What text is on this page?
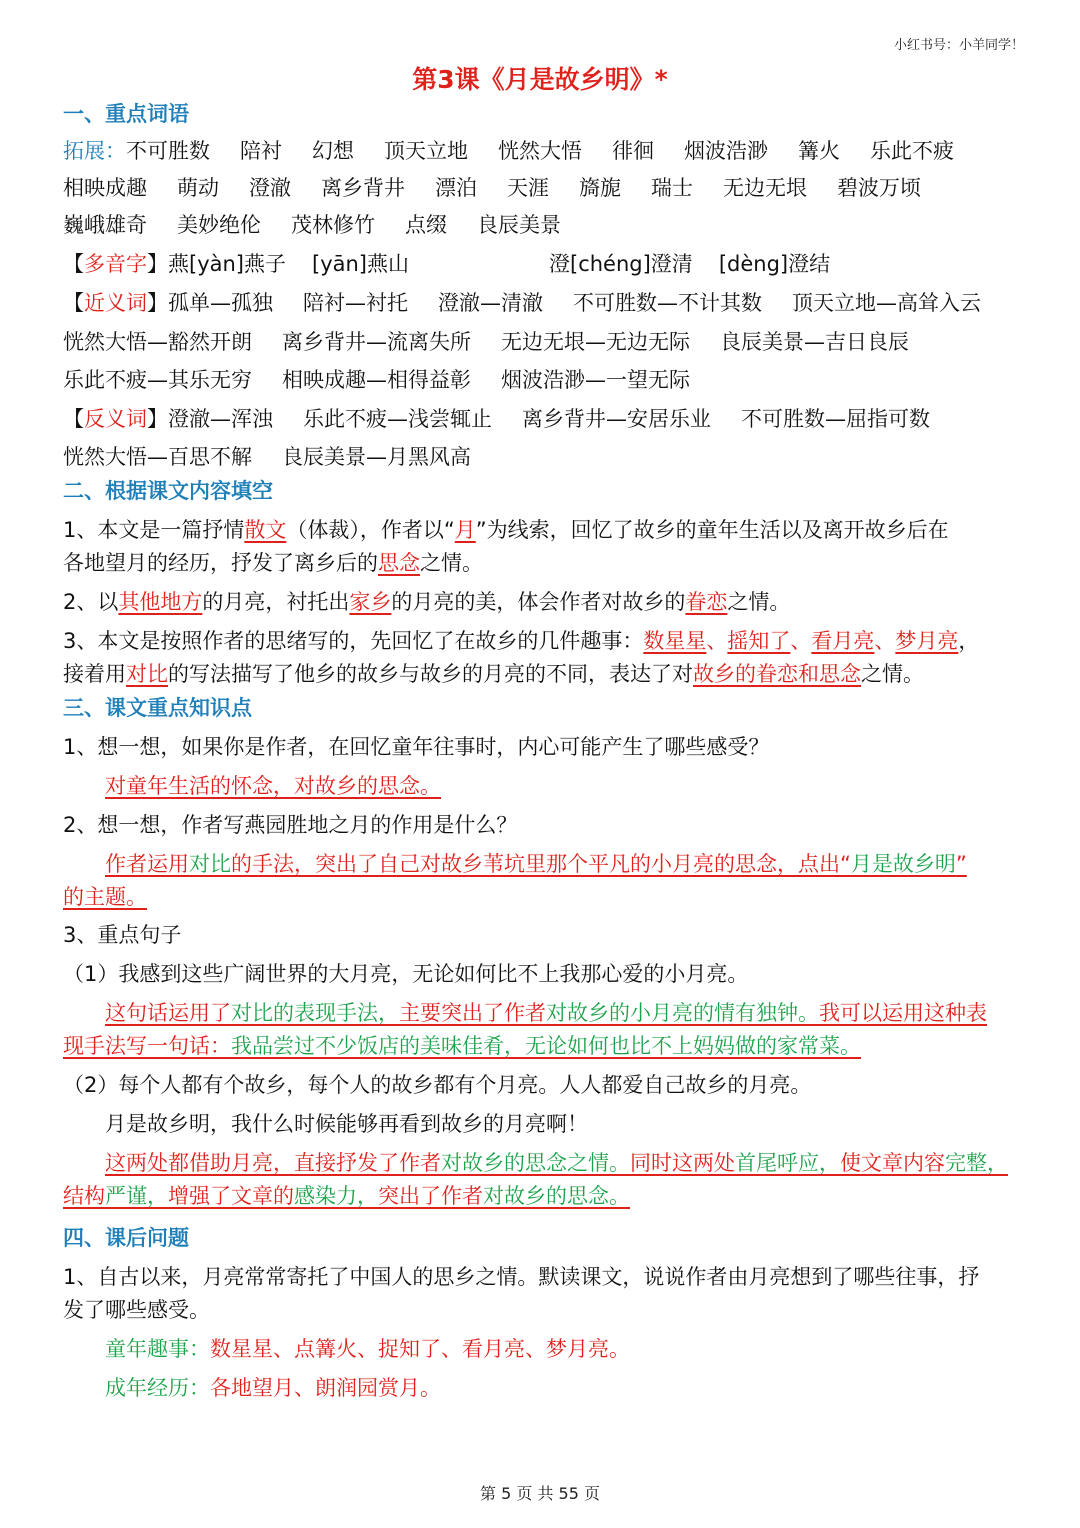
小红书号：小羊同学！
第3课《月是故乡明》*
一、重点词语
拓展：不可胜数 陪衬 幻想 顶天立地 恍然大悟 徘徊 烟波浩渺 篝火 乐此不疲
相映成趣 萌动 澄澈 离乡背井 漂泊 天涯 旖旎 瑞士 无边无垠 碧波万顷
巍峨雄奇 美妙绝伦 茂林修竹 点缀 良辰美景
【多音字】燕[yàn]燕子 [yān]燕山	澄[chéng]澄清 [dèng]澄结
【近义词】孤单—孤独 陪衬—衬托 澄澈—清澈 不可胜数—不计其数 顶天立地—高耸入云
恍然大悟—豁然开朗 离乡背井—流离失所 无边无垠—无边无际 良辰美景—吉日良辰
乐此不疲—其乐无穷 相映成趣—相得益彰 烟波浩渺—一望无际
【反义词】澄澈—浑浊 乐此不疲—浅尝辄止 离乡背井—安居乐业 不可胜数—屈指可数
恍然大悟—百思不解 良辰美景—月黑风高
二、根据课文内容填空
1、本文是一篇抒情散文（体裁），作者以“月”为线索，回忆了故乡的童年生活以及离开故乡后在
各地望月的经历，抒发了离乡后的思念之情。
2、以其他地方的月亮，衬托出家乡的月亮的美，体会作者对故乡的眷恋之情。
3、本文是按照作者的思绪写的，先回忆了在故乡的几件趣事：数星星、摇知了、看月亮、梦月亮，
接着用对比的写法描写了他乡的故乡与故乡的月亮的不同，表达了对故乡的眷恋和思念之情。
三、课文重点知识点
1、想一想，如果你是作者，在回忆童年往事时，内心可能产生了哪些感受？
对童年生活的怀念，对故乡的思念。
2、想一想，作者写燕园胜地之月的作用是什么？
作者运用对比的手法，突出了自己对故乡苇坑里那个平凡的小月亮的思念，点出“月是故乡明”
的主题。
3、重点句子
（1）我感到这些广阔世界的大月亮，无论如何比不上我那心爱的小月亮。
这句话运用了对比的表现手法，主要突出了作者对故乡的小月亮的情有独钟。我可以运用这种表
现手法写一句话：我品尝过不少饭店的美味佳肴，无论如何也比不上妈妈做的家常菜。
（2）每个人都有个故乡，每个人的故乡都有个月亮。人人都爱自己故乡的月亮。
月是故乡明，我什么时候能够再看到故乡的月亮啊！
这两处都借助月亮，直接抒发了作者对故乡的思念之情。同时这两处首尾呼应，使文章内容完整，
结构严谨，增强了文章的感染力，突出了作者对故乡的思念。
四、课后问题
1、自古以来，月亮常常寄托了中国人的思乡之情。默读课文，说说作者由月亮想到了哪些往事，抒
发了哪些感受。
童年趣事：数星星、点篝火、捉知了、看月亮、梦月亮。
成年经历：各地望月、朗润园赏月。
第 5 页 共 55 页
